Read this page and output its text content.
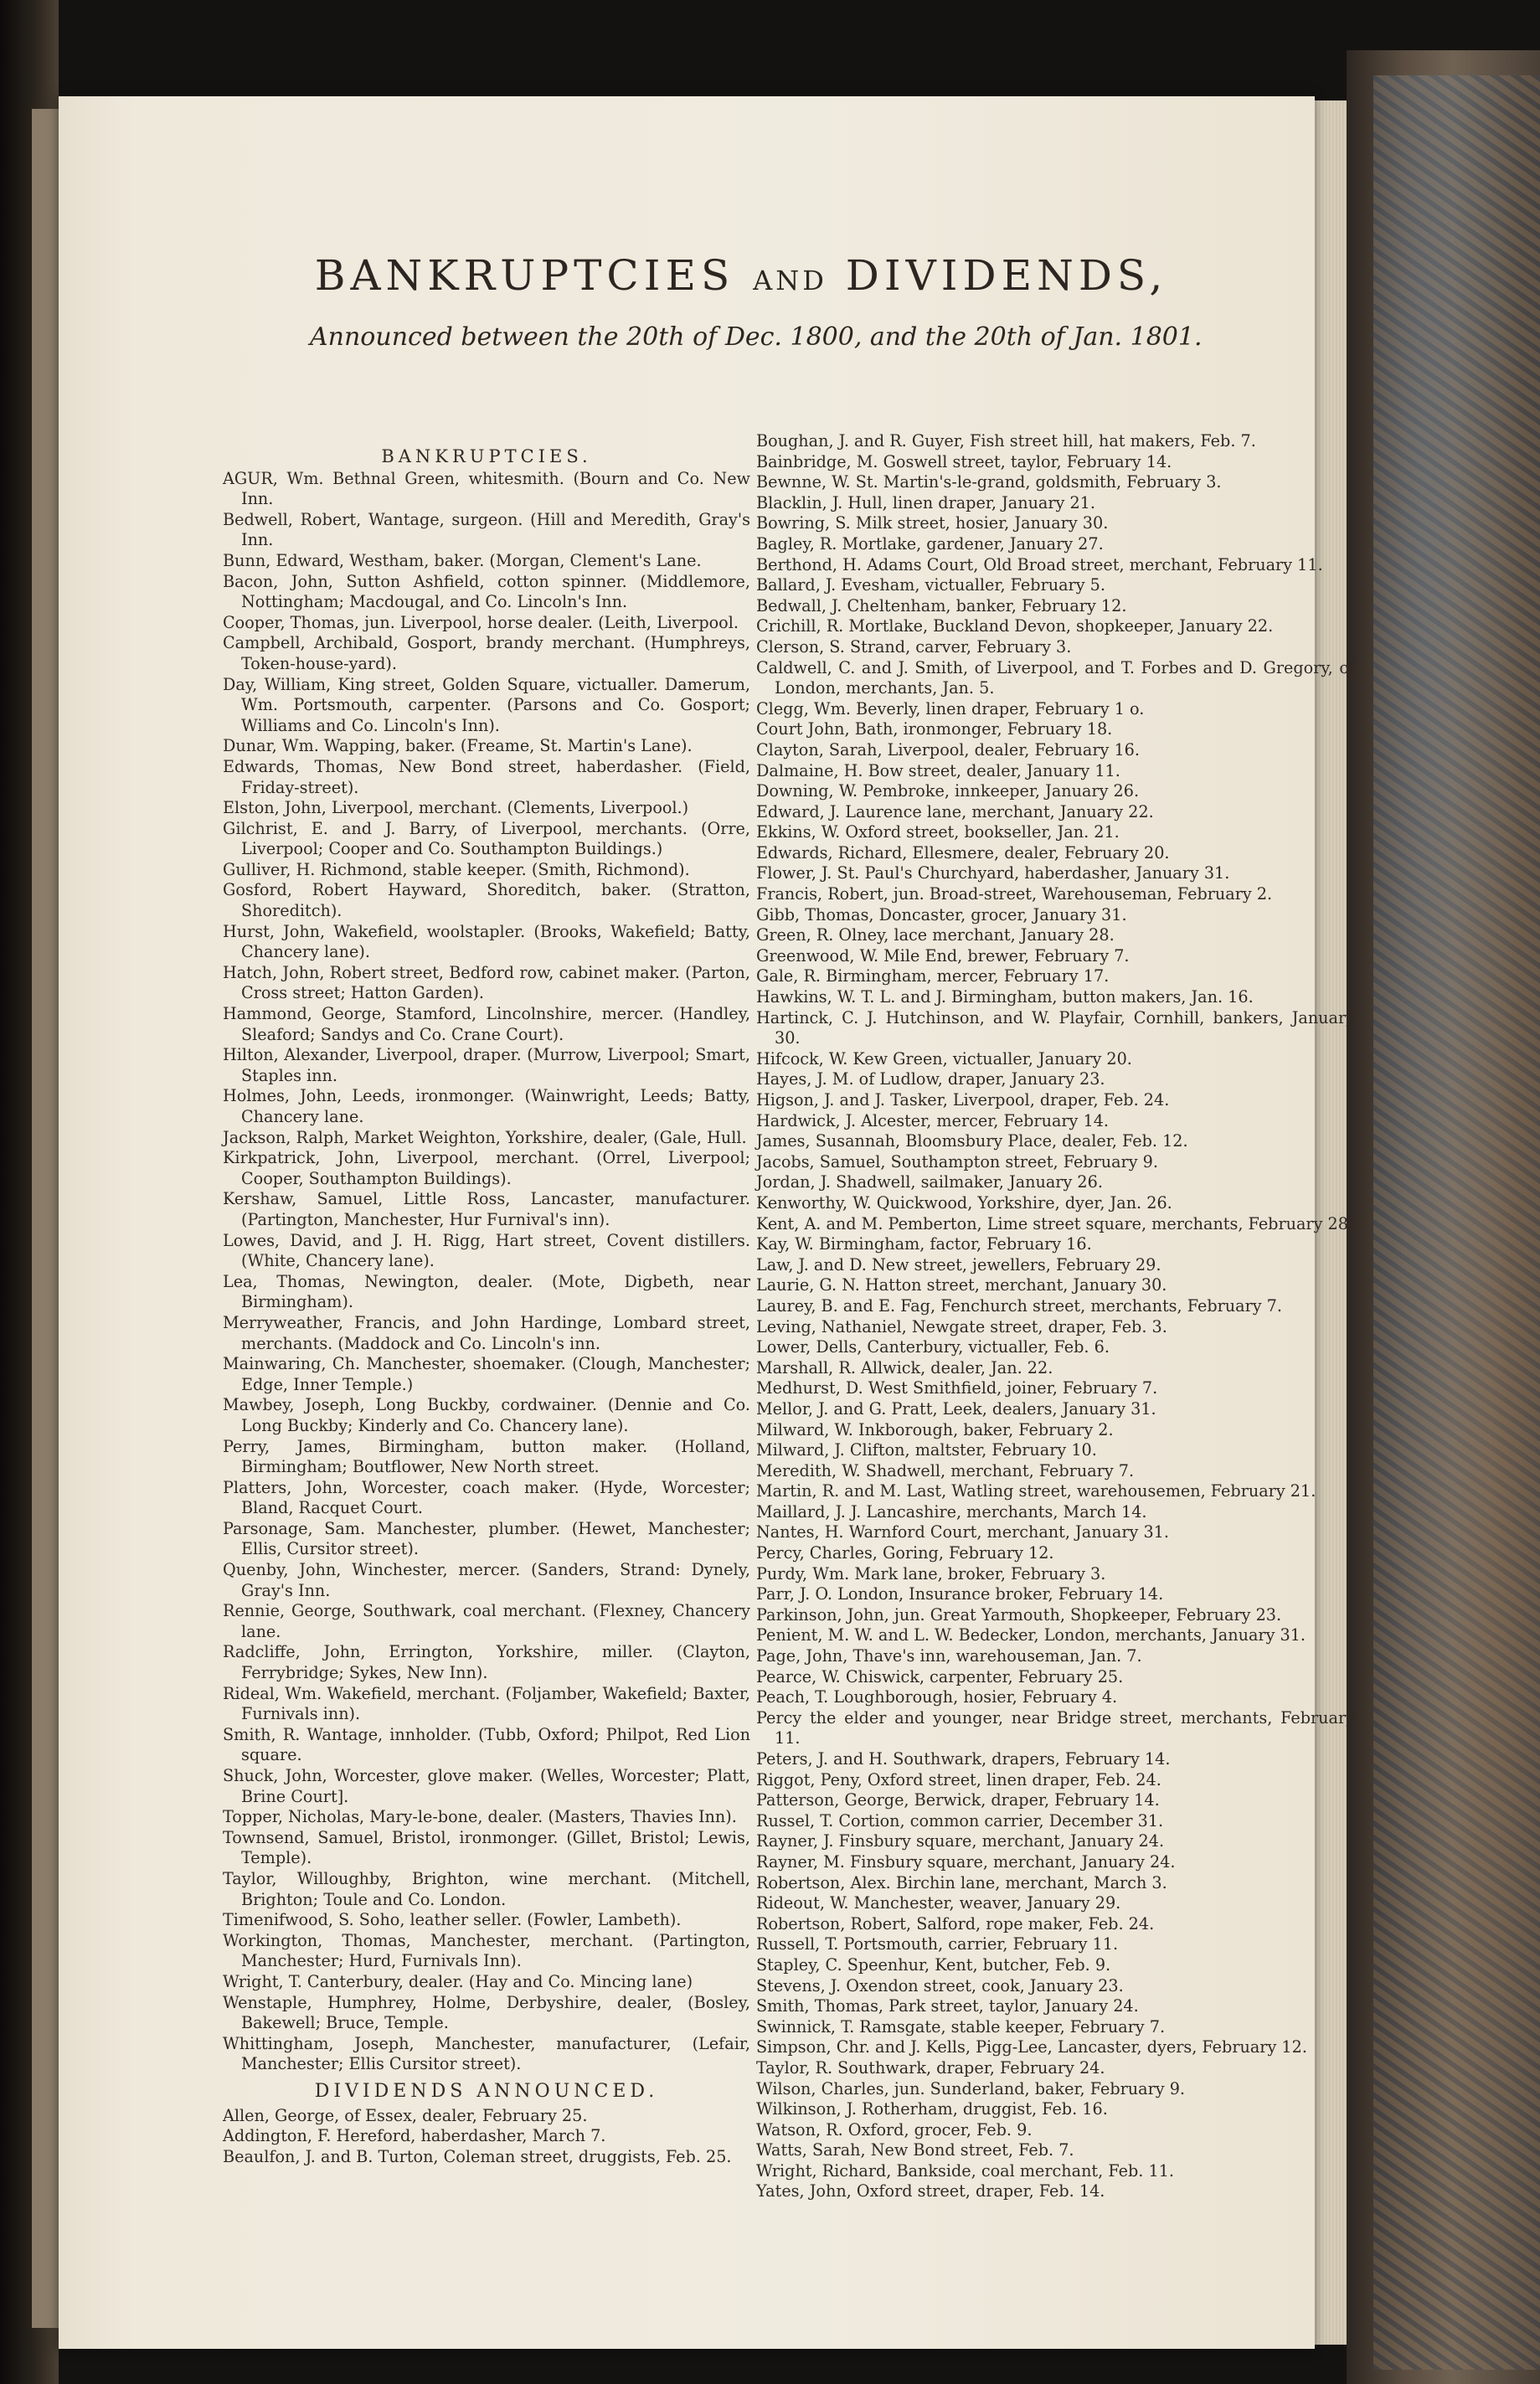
BANKRUPTCIES AND DIVIDENDS,
Announced between the 20th of Dec. 1800, and the 20th of Jan. 1801.
BANKRUPTCIES.

AGUR, Wm. Bethnal Green, whitesmith. (Bourn and Co. New Inn.

Bedwell, Robert, Wantage, surgeon. (Hill and Meredith, Gray's Inn.

Bunn, Edward, Westham, baker. (Morgan, Clement's Lane.

Bacon, John, Sutton Ashfield, cotton spinner. (Middlemore, Nottingham; Macdougal, and Co. Lincoln's Inn.

Cooper, Thomas, jun. Liverpool, horse dealer. (Leith, Liverpool.

Campbell, Archibald, Gosport, brandy merchant. (Humphreys, Token-house-yard).

Day, William, King street, Golden Square, victualler. Damerum, Wm. Portsmouth, carpenter. (Parsons and Co. Gosport; Williams and Co. Lincoln's Inn).

Dunar, Wm. Wapping, baker. (Freame, St. Martin's Lane).

Edwards, Thomas, New Bond street, haberdasher. (Field, Friday-street).

Elston, John, Liverpool, merchant. (Clements, Liverpool.)

Gilchrist, E. and J. Barry, of Liverpool, merchants. (Orre, Liverpool; Cooper and Co. Southampton Buildings.)

Gulliver, H. Richmond, stable keeper. (Smith, Richmond).

Gosford, Robert Hayward, Shoreditch, baker. (Stratton, Shoreditch).

Hurst, John, Wakefield, woolstapler. (Brooks, Wakefield; Batty, Chancery lane).

Hatch, John, Robert street, Bedford row, cabinet maker. (Parton, Cross street; Hatton Garden).

Hammond, George, Stamford, Lincolnshire, mercer. (Handley, Sleaford; Sandys and Co. Crane Court).

Hilton, Alexander, Liverpool, draper. (Murrow, Liverpool; Smart, Staples inn.

Holmes, John, Leeds, ironmonger. (Wainwright, Leeds; Batty, Chancery lane.

Jackson, Ralph, Market Weighton, Yorkshire, dealer, (Gale, Hull.

Kirkpatrick, John, Liverpool, merchant. (Orrel, Liverpool; Cooper, Southampton Buildings).

Kershaw, Samuel, Little Ross, Lancaster, manufacturer. (Partington, Manchester, Hur Furnival's inn).

Lowes, David, and J. H. Rigg, Hart street, Covent distillers. (White, Chancery lane).

Lea, Thomas, Newington, dealer. (Mote, Digbeth, near Birmingham).

Merryweather, Francis, and John Hardinge, Lombard street, merchants. (Maddock and Co. Lincoln's inn.

Mainwaring, Ch. Manchester, shoemaker. (Clough, Manchester; Edge, Inner Temple.)

Mawbey, Joseph, Long Buckby, cordwainer. (Dennie and Co. Long Buckby; Kinderly and Co. Chancery lane).

Perry, James, Birmingham, button maker. (Holland, Birmingham; Boutflower, New North street.

Platters, John, Worcester, coach maker. (Hyde, Worcester; Bland, Racquet Court.

Parsonage, Sam. Manchester, plumber. (Hewet, Manchester; Ellis, Cursitor street).

Quenby, John, Winchester, mercer. (Sanders, Strand: Dynely, Gray's Inn.

Rennie, George, Southwark, coal merchant. (Flexney, Chancery lane.

Radcliffe, John, Errington, Yorkshire, miller. (Clayton, Ferrybridge; Sykes, New Inn).

Rideal, Wm. Wakefield, merchant. (Foljamber, Wakefield; Baxter, Furnivals inn).

Smith, R. Wantage, innholder. (Tubb, Oxford; Philpot, Red Lion square.

Shuck, John, Worcester, glove maker. (Welles, Worcester; Platt, Brine Court].

Topper, Nicholas, Mary-le-bone, dealer. (Masters, Thavies Inn).

Townsend, Samuel, Bristol, ironmonger. (Gillet, Bristol; Lewis, Temple).

Taylor, Willoughby, Brighton, wine merchant. (Mitchell, Brighton; Toule and Co. London.

Timenifwood, S. Soho, leather seller. (Fowler, Lambeth).

Workington, Thomas, Manchester, merchant. (Partington, Manchester; Hurd, Furnivals Inn).

Wright, T. Canterbury, dealer. (Hay and Co. Mincing lane)

Wenstaple, Humphrey, Holme, Derbyshire, dealer, (Bosley, Bakewell; Bruce, Temple.

Whittingham, Joseph, Manchester, manufacturer, (Lefair, Manchester; Ellis Cursitor street).

DIVIDENDS ANNOUNCED.

Allen, George, of Essex, dealer, February 25.

Addington, F. Hereford, haberdasher, March 7.

Beaulfon, J. and B. Turton, Coleman street, druggists, Feb. 25.

Boughan, J. and R. Guyer, Fish street hill, hat makers, Feb. 7.

Bainbridge, M. Goswell street, taylor, February 14.

Bewnne, W. St. Martin's-le-grand, goldsmith, February 3.

Blacklin, J. Hull, linen draper, January 21.

Bowring, S. Milk street, hosier, January 30.

Bagley, R. Mortlake, gardener, January 27.

Berthond, H. Adams Court, Old Broad street, merchant, February 11.

Ballard, J. Evesham, victualler, February 5.

Bedwall, J. Cheltenham, banker, February 12.

Crichill, R. Mortlake, Buckland Devon, shopkeeper, January 22.

Clerson, S. Strand, carver, February 3.

Caldwell, C. and J. Smith, of Liverpool, and T. Forbes and D. Gregory, of London, merchants, Jan. 5.

Clegg, Wm. Beverly, linen draper, February 1 o.

Court John, Bath, ironmonger, February 18.

Clayton, Sarah, Liverpool, dealer, February 16.

Dalmaine, H. Bow street, dealer, January 11.

Downing, W. Pembroke, innkeeper, January 26.

Edward, J. Laurence lane, merchant, January 22.

Ekkins, W. Oxford street, bookseller, Jan. 21.

Edwards, Richard, Ellesmere, dealer, February 20.

Flower, J. St. Paul's Churchyard, haberdasher, January 31.

Francis, Robert, jun. Broad-street, Warehouseman, February 2.

Gibb, Thomas, Doncaster, grocer, January 31.

Green, R. Olney, lace merchant, January 28.

Greenwood, W. Mile End, brewer, February 7.

Gale, R. Birmingham, mercer, February 17.

Hawkins, W. T. L. and J. Birmingham, button makers, Jan. 16.

Hartinck, C. J. Hutchinson, and W. Playfair, Cornhill, bankers, January 30.

Hifcock, W. Kew Green, victualler, January 20.

Hayes, J. M. of Ludlow, draper, January 23.

Higson, J. and J. Tasker, Liverpool, draper, Feb. 24.

Hardwick, J. Alcester, mercer, February 14.

James, Susannah, Bloomsbury Place, dealer, Feb. 12.

Jacobs, Samuel, Southampton street, February 9.

Jordan, J. Shadwell, sailmaker, January 26.

Kenworthy, W. Quickwood, Yorkshire, dyer, Jan. 26.

Kent, A. and M. Pemberton, Lime street square, merchants, February 28.

Kay, W. Birmingham, factor, February 16.

Law, J. and D. New street, jewellers, February 29.

Laurie, G. N. Hatton street, merchant, January 30.

Laurey, B. and E. Fag, Fenchurch street, merchants, February 7.

Leving, Nathaniel, Newgate street, draper, Feb. 3.

Lower, Dells, Canterbury, victualler, Feb. 6.

Marshall, R. Allwick, dealer, Jan. 22.

Medhurst, D. West Smithfield, joiner, February 7.

Mellor, J. and G. Pratt, Leek, dealers, January 31.

Milward, W. Inkborough, baker, February 2.

Milward, J. Clifton, maltster, February 10.

Meredith, W. Shadwell, merchant, February 7.

Martin, R. and M. Last, Watling street, warehousemen, February 21.

Maillard, J. J. Lancashire, merchants, March 14.

Nantes, H. Warnford Court, merchant, January 31.

Percy, Charles, Goring, February 12.

Purdy, Wm. Mark lane, broker, February 3.

Parr, J. O. London, Insurance broker, February 14.

Parkinson, John, jun. Great Yarmouth, Shopkeeper, February 23.

Penient, M. W. and L. W. Bedecker, London, merchants, January 31.

Page, John, Thave's inn, warehouseman, Jan. 7.

Pearce, W. Chiswick, carpenter, February 25.

Peach, T. Loughborough, hosier, February 4.

Percy the elder and younger, near Bridge street, merchants, February 11.

Peters, J. and H. Southwark, drapers, February 14.

Riggot, Peny, Oxford street, linen draper, Feb. 24.

Patterson, George, Berwick, draper, February 14.

Russel, T. Cortion, common carrier, December 31.

Rayner, J. Finsbury square, merchant, January 24.

Rayner, M. Finsbury square, merchant, January 24.

Robertson, Alex. Birchin lane, merchant, March 3.

Rideout, W. Manchester, weaver, January 29.

Robertson, Robert, Salford, rope maker, Feb. 24.

Russell, T. Portsmouth, carrier, February 11.

Stapley, C. Speenhur, Kent, butcher, Feb. 9.

Stevens, J. Oxendon street, cook, January 23.

Smith, Thomas, Park street, taylor, January 24.

Swinnick, T. Ramsgate, stable keeper, February 7.

Simpson, Chr. and J. Kells, Pigg-Lee, Lancaster, dyers, February 12.

Taylor, R. Southwark, draper, February 24.

Wilson, Charles, jun. Sunderland, baker, February 9.

Wilkinson, J. Rotherham, druggist, Feb. 16.

Watson, R. Oxford, grocer, Feb. 9.

Watts, Sarah, New Bond street, Feb. 7.

Wright, Richard, Bankside, coal merchant, Feb. 11.

Yates, John, Oxford street, draper, Feb. 14.
